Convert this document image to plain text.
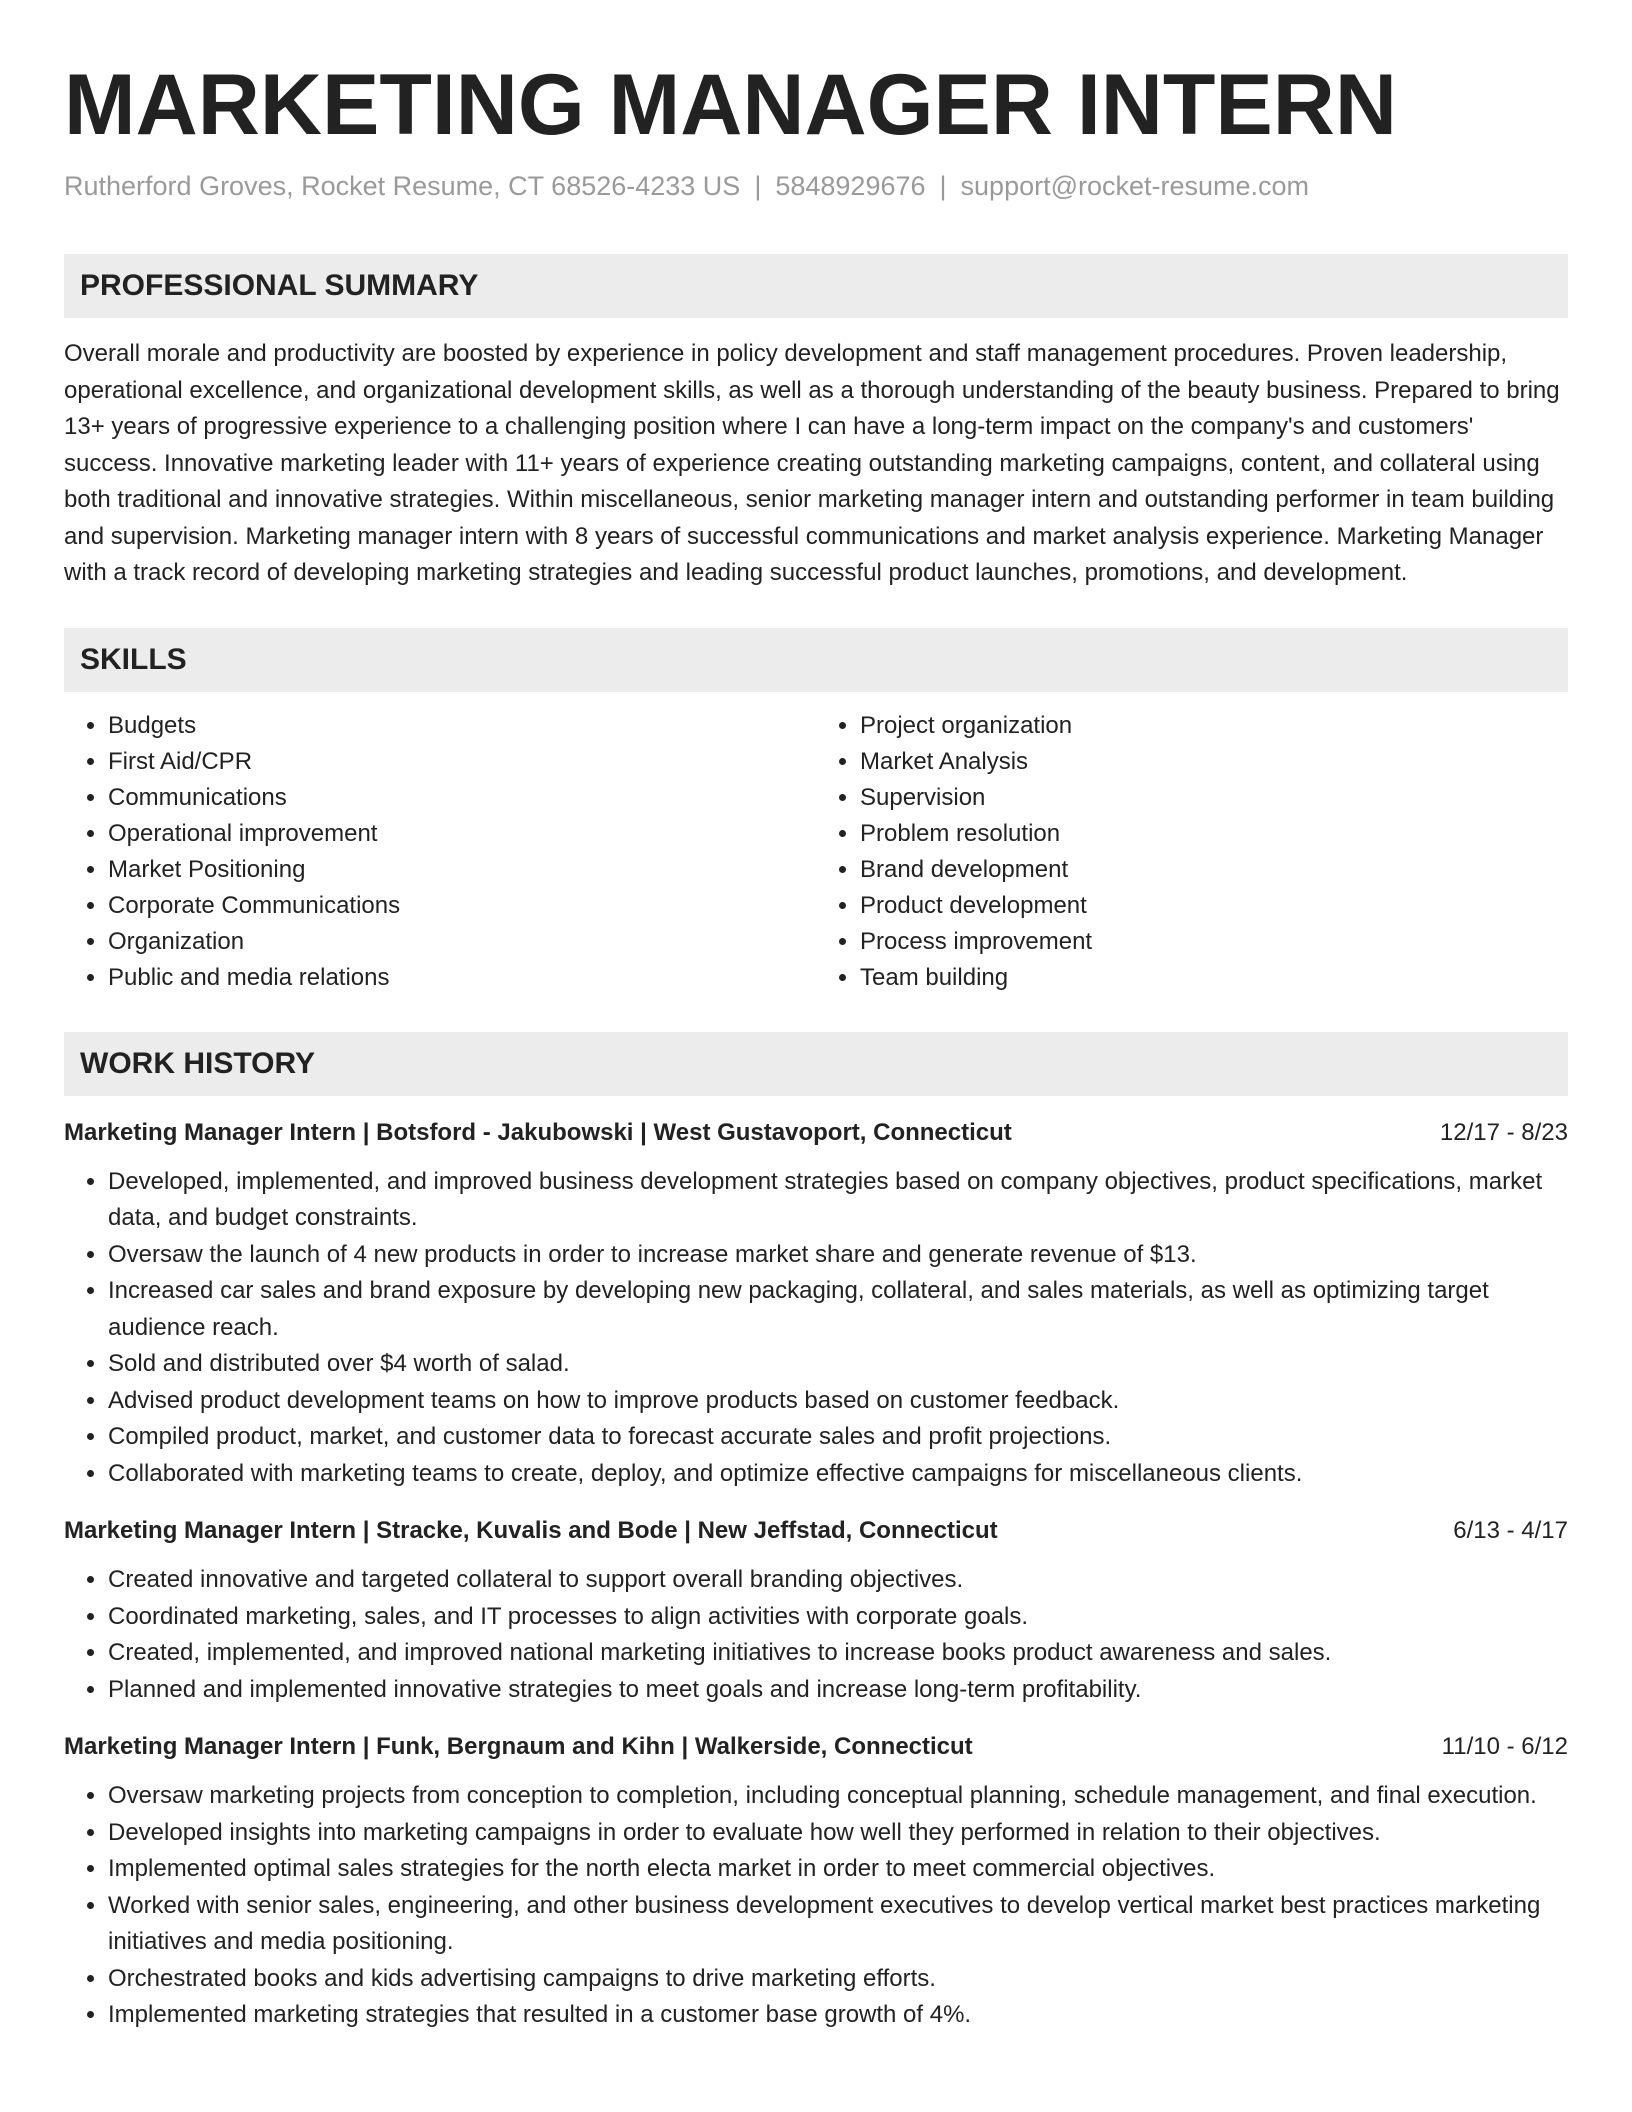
MARKETING MANAGER INTERN
Rutherford Groves, Rocket Resume, CT 68526-4233 US | 5848929676 | support@rocket-resume.com
PROFESSIONAL SUMMARY

Overall morale and productivity are boosted by experience in policy development and staff management procedures. Proven leadership, operational excellence, and organizational development skills, as well as a thorough understanding of the beauty business. Prepared to bring 13+ years of progressive experience to a challenging position where I can have a long-term impact on the company's and customers' success. Innovative marketing leader with 11+ years of experience creating outstanding marketing campaigns, content, and collateral using both traditional and innovative strategies. Within miscellaneous, senior marketing manager intern and outstanding performer in team building and supervision. Marketing manager intern with 8 years of successful communications and market analysis experience. Marketing Manager with a track record of developing marketing strategies and leading successful product launches, promotions, and development.

SKILLS
• Budgets
• First Aid/CPR
• Communications
• Operational improvement
• Market Positioning
• Corporate Communications
• Organization
• Public and media relations
• Project organization
• Market Analysis
• Supervision
• Problem resolution
• Brand development
• Product development
• Process improvement
• Team building
WORK HISTORY
Marketing Manager Intern | Botsford - Jakubowski | West Gustavoport, Connecticut	12/17 - 8/23
• Developed, implemented, and improved business development strategies based on company objectives, product specifications, market data, and budget constraints.
• Oversaw the launch of 4 new products in order to increase market share and generate revenue of $13.
• Increased car sales and brand exposure by developing new packaging, collateral, and sales materials, as well as optimizing target audience reach.
• Sold and distributed over $4 worth of salad.
• Advised product development teams on how to improve products based on customer feedback.
• Compiled product, market, and customer data to forecast accurate sales and profit projections.
• Collaborated with marketing teams to create, deploy, and optimize effective campaigns for miscellaneous clients.
Marketing Manager Intern | Stracke, Kuvalis and Bode | New Jeffstad, Connecticut	6/13 - 4/17
• Created innovative and targeted collateral to support overall branding objectives.
• Coordinated marketing, sales, and IT processes to align activities with corporate goals.
• Created, implemented, and improved national marketing initiatives to increase books product awareness and sales.
• Planned and implemented innovative strategies to meet goals and increase long-term profitability.
Marketing Manager Intern | Funk, Bergnaum and Kihn | Walkerside, Connecticut	11/10 - 6/12
• Oversaw marketing projects from conception to completion, including conceptual planning, schedule management, and final execution.
• Developed insights into marketing campaigns in order to evaluate how well they performed in relation to their objectives.
• Implemented optimal sales strategies for the north electa market in order to meet commercial objectives.
• Worked with senior sales, engineering, and other business development executives to develop vertical market best practices marketing initiatives and media positioning.
• Orchestrated books and kids advertising campaigns to drive marketing efforts.
• Implemented marketing strategies that resulted in a customer base growth of 4%.
